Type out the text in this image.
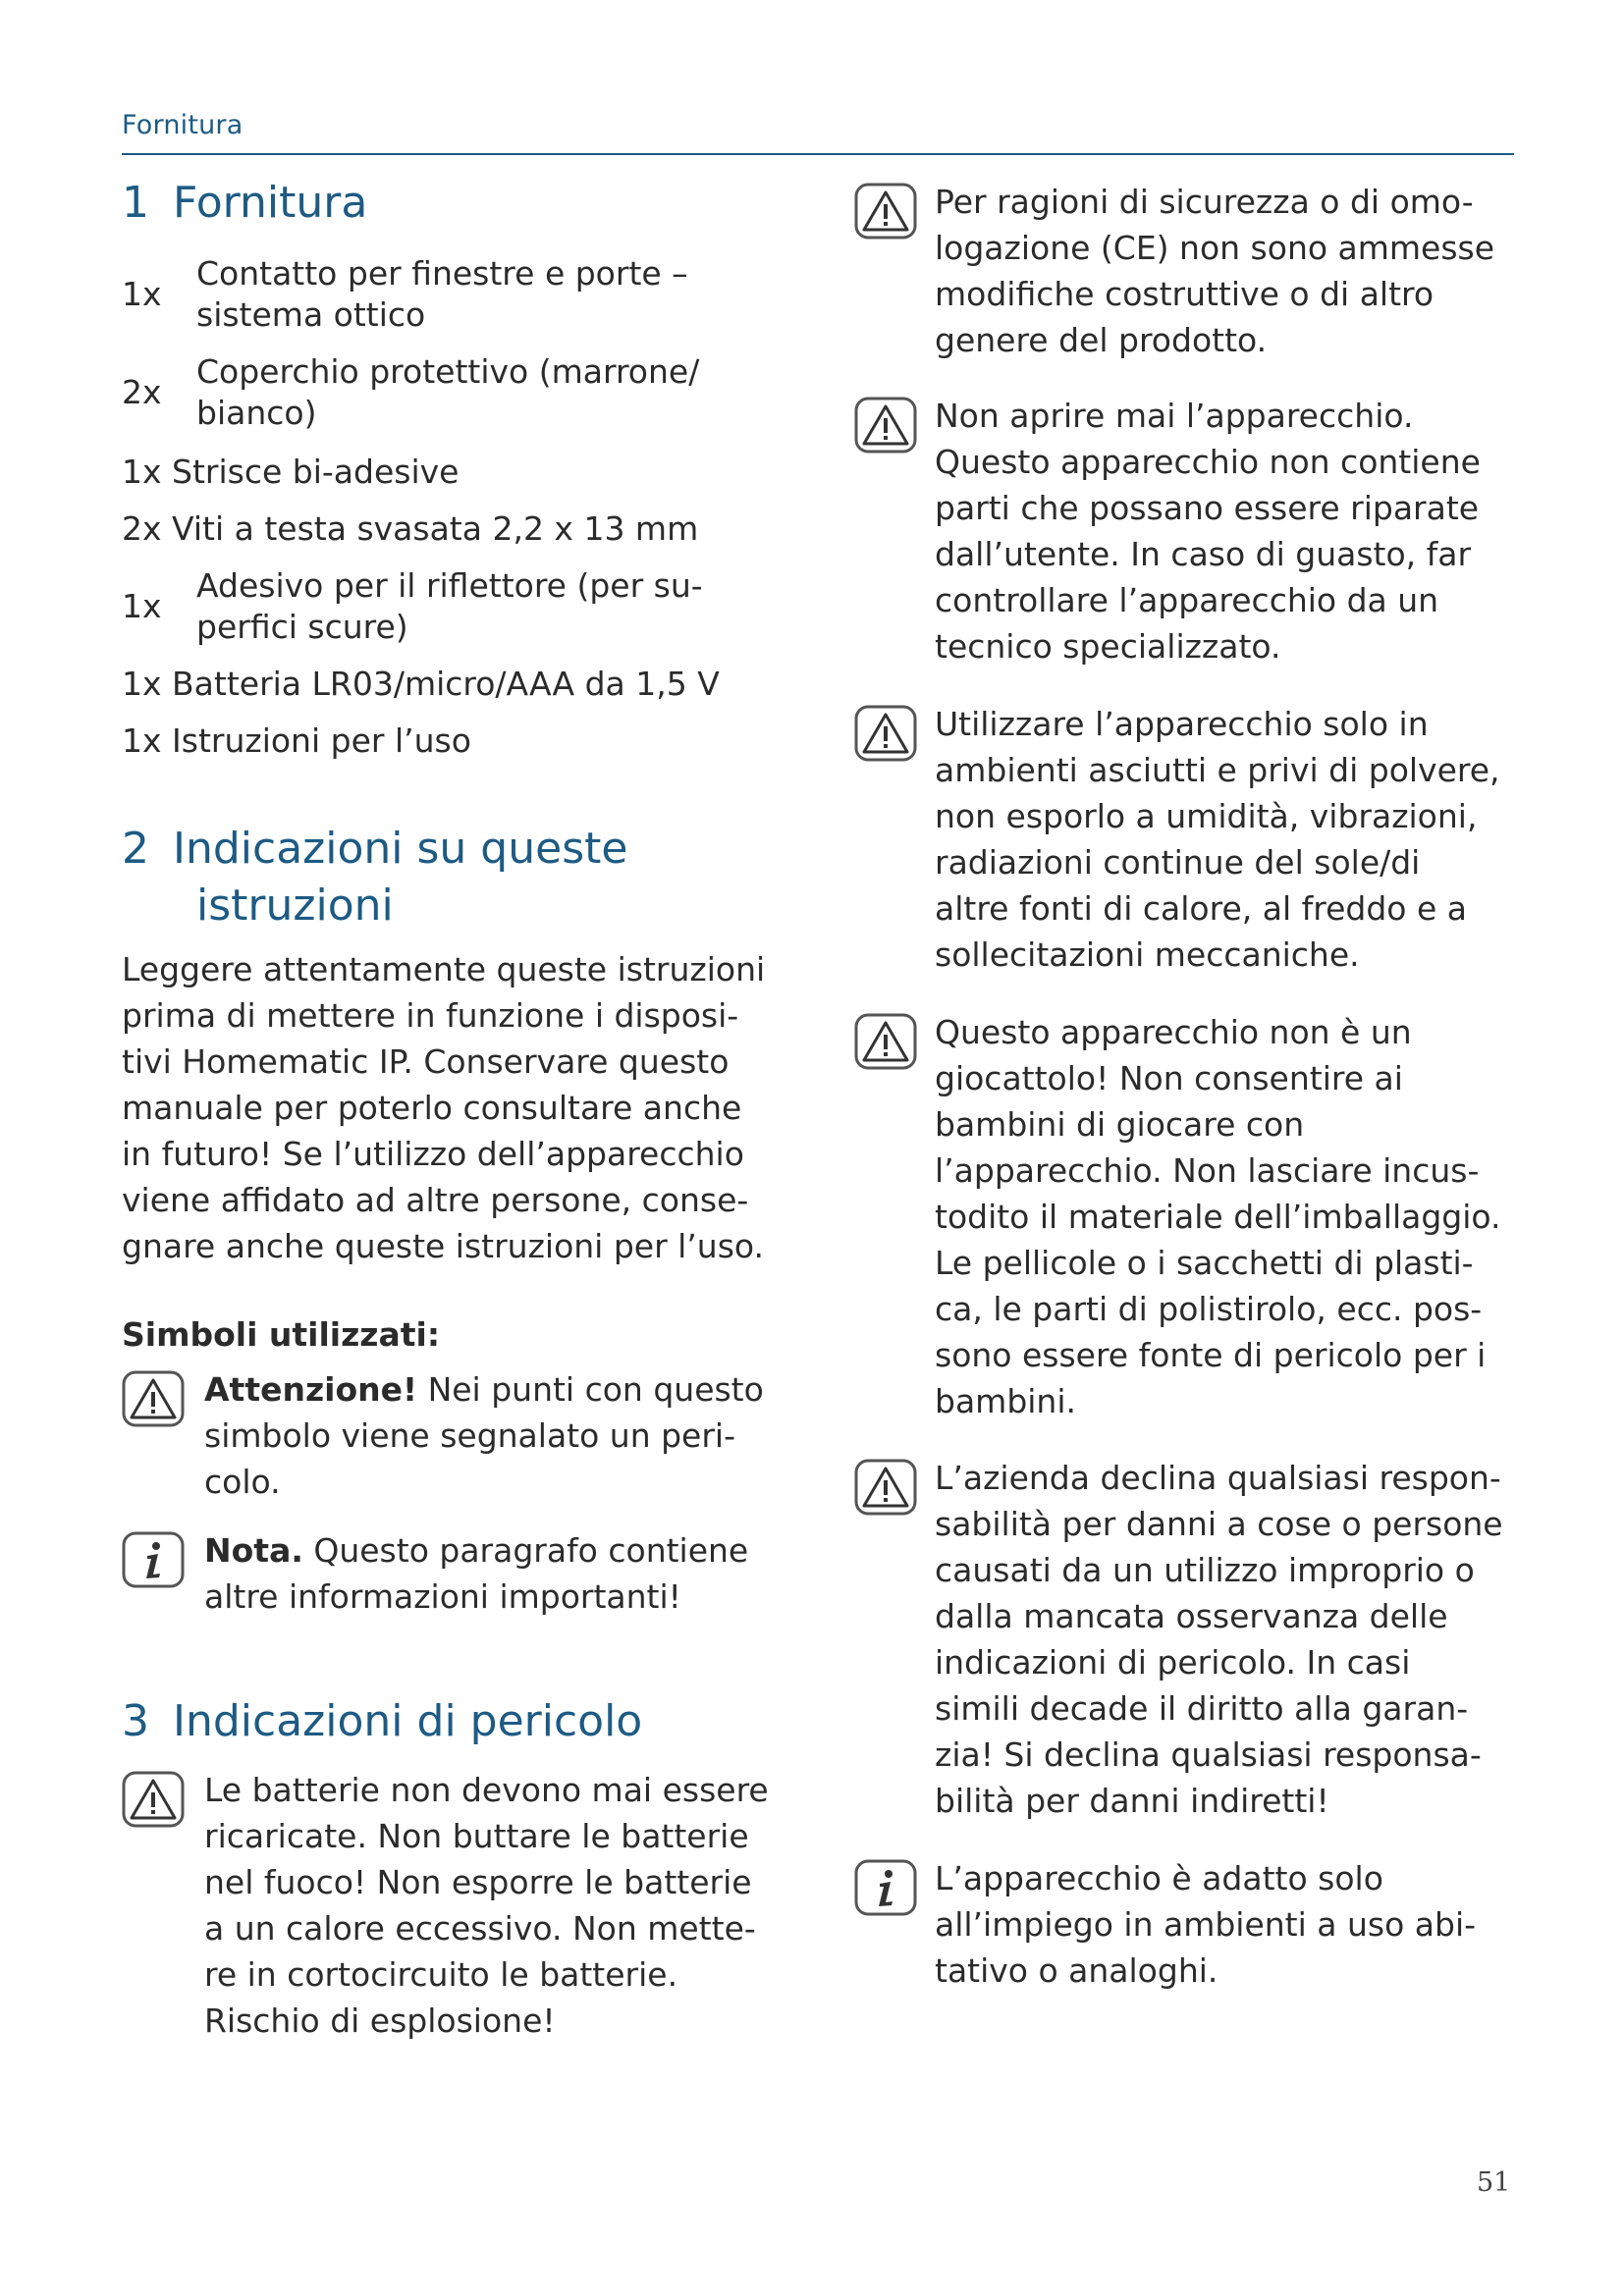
Fornitura
1 Fornitura
1x
Contatto per finestre e porte –
sistema ottico
2x
Coperchio protettivo (marrone/
bianco)
1x Strisce bi-adesive
2x Viti a testa svasata 2,2 x 13 mm
1x
Adesivo per il riflettore (per su-
perfici scure)
1x Batteria LR03/micro/AAA da 1,5 V
1x Istruzioni per l’uso
2 Indicazioni su queste
istruzioni

Leggere attentamente queste istruzioni
prima di mettere in funzione i disposi-
tivi Homematic IP. Conservare questo
manuale per poterlo consultare anche
in futuro! Se l’utilizzo dell’apparecchio
viene affidato ad altre persone, conse-
gnare anche queste istruzioni per l’uso.

Simboli utilizzati:

Attenzione! Nei punti con questo
simbolo viene segnalato un peri-
colo.

Nota. Questo paragrafo contiene
altre informazioni importanti!

3 Indicazioni di pericolo

Le batterie non devono mai essere
ricaricate. Non buttare le batterie
nel fuoco! Non esporre le batterie
a un calore eccessivo. Non mette-
re in cortocircuito le batterie.
Rischio di esplosione!

Per ragioni di sicurezza o di omo-
logazione (CE) non sono ammesse
modifiche costruttive o di altro
genere del prodotto.

Non aprire mai l’apparecchio.
Questo apparecchio non contiene
parti che possano essere riparate
dall’utente. In caso di guasto, far
controllare l’apparecchio da un
tecnico specializzato.

Utilizzare l’apparecchio solo in
ambienti asciutti e privi di polvere,
non esporlo a umidità, vibrazioni,
radiazioni continue del sole/di
altre fonti di calore, al freddo e a
sollecitazioni meccaniche.

Questo apparecchio non è un
giocattolo! Non consentire ai
bambini di giocare con
l’apparecchio. Non lasciare incus-
todito il materiale dell’imballaggio.
Le pellicole o i sacchetti di plasti-
ca, le parti di polistirolo, ecc. pos-
sono essere fonte di pericolo per i
bambini.

L’azienda declina qualsiasi respon-
sabilità per danni a cose o persone
causati da un utilizzo improprio o
dalla mancata osservanza delle
indicazioni di pericolo. In casi
simili decade il diritto alla garan-
zia! Si declina qualsiasi responsa-
bilità per danni indiretti!

L’apparecchio è adatto solo
all’impiego in ambienti a uso abi-
tativo o analoghi.

51
